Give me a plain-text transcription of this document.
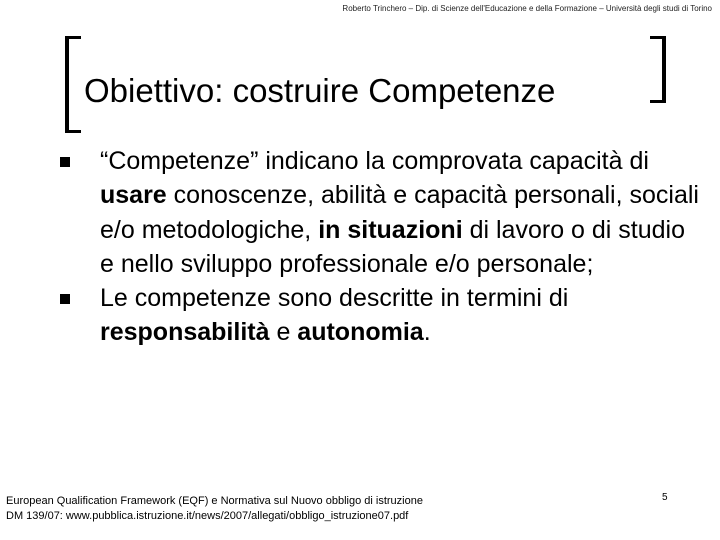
Roberto Trinchero – Dip. di Scienze dell'Educazione e della Formazione – Università degli studi di Torino
Obiettivo: costruire Competenze
“Competenze” indicano la comprovata capacità di usare conoscenze, abilità e capacità personali, sociali e/o metodologiche, in situazioni di lavoro o di studio e nello sviluppo professionale e/o personale;
Le competenze sono descritte in termini di responsabilità e autonomia.
European Qualification Framework (EQF) e Normativa sul Nuovo obbligo di istruzione
DM 139/07: www.pubblica.istruzione.it/news/2007/allegati/obbligo_istruzione07.pdf
5
